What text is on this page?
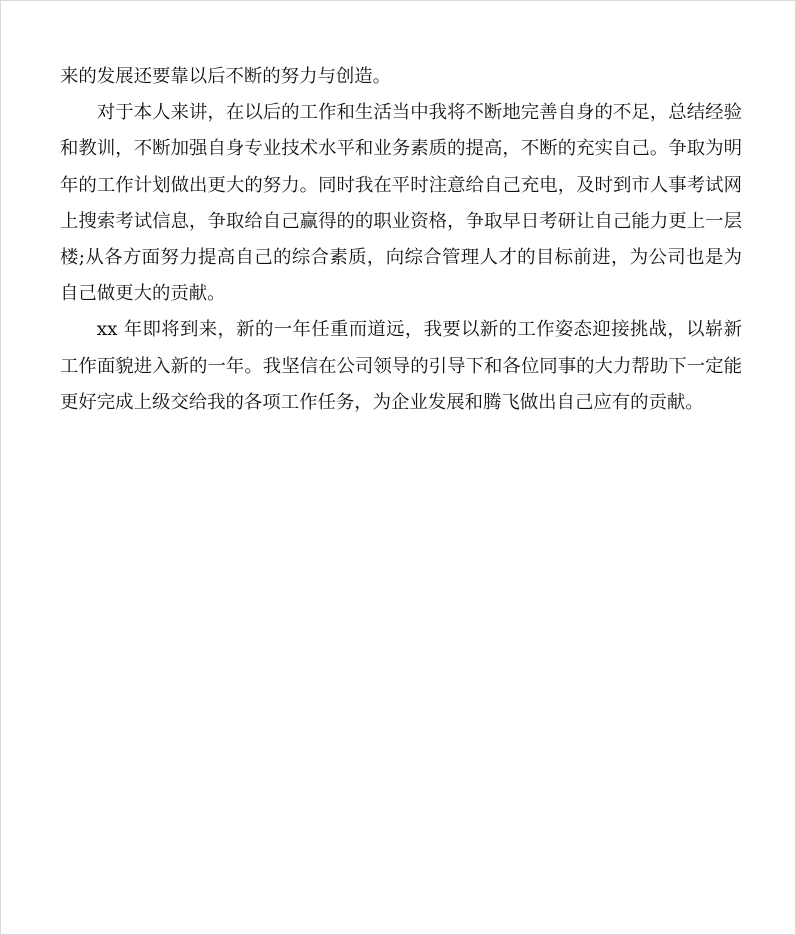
来的发展还要靠以后不断的努力与创造。

对于本人来讲，在以后的工作和生活当中我将不断地完善自身的不足，总结经验和教训，不断加强自身专业技术水平和业务素质的提高，不断的充实自己。争取为明年的工作计划做出更大的努力。同时我在平时注意给自己充电，及时到市人事考试网上搜索考试信息，争取给自己赢得的的职业资格，争取早日考研让自己能力更上一层楼;从各方面努力提高自己的综合素质，向综合管理人才的目标前进，为公司也是为自己做更大的贡献。

xx 年即将到来，新的一年任重而道远，我要以新的工作姿态迎接挑战，以崭新工作面貌进入新的一年。我坚信在公司领导的引导下和各位同事的大力帮助下一定能更好完成上级交给我的各项工作任务，为企业发展和腾飞做出自己应有的贡献。
